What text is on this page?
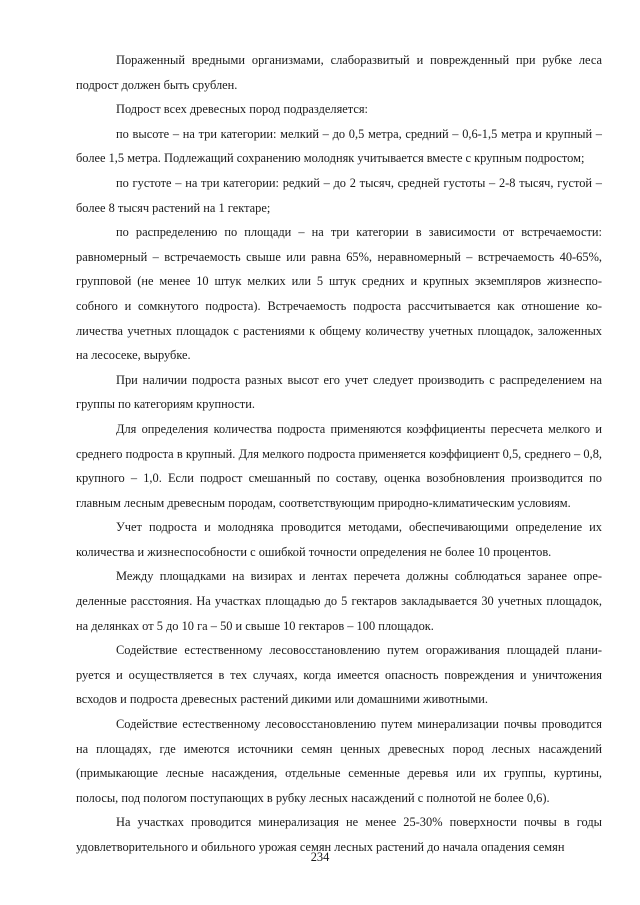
Пораженный вредными организмами, слаборазвитый и поврежденный при рубке леса подрост должен быть срублен.

Подрост всех древесных пород подразделяется:

по высоте – на три категории: мелкий – до 0,5 метра, средний – 0,6-1,5 метра и крупный – более 1,5 метра. Подлежащий сохранению молодняк учитывается вместе с крупным подростом;

по густоте – на три категории: редкий – до 2 тысяч, средней густоты – 2-8 тысяч, густой – более 8 тысяч растений на 1 гектаре;

по распределению по площади – на три категории в зависимости от встречаемости: равномерный – встречаемость свыше или равна 65%, неравномерный – встречаемость 40-65%, групповой (не менее 10 штук мелких или 5 штук средних и крупных экземпляров жизнеспособного и сомкнутого подроста). Встречаемость подроста рассчитывается как отношение количества учетных площадок с растениями к общему количеству учетных площадок, заложенных на лесосеке, вырубке.

При наличии подроста разных высот его учет следует производить с распределением на группы по категориям крупности.

Для определения количества подроста применяются коэффициенты пересчета мелкого и среднего подроста в крупный. Для мелкого подроста применяется коэффициент 0,5, среднего – 0,8, крупного – 1,0. Если подрост смешанный по составу, оценка возобновления производится по главным лесным древесным породам, соответствующим природно-климатическим условиям.

Учет подроста и молодняка проводится методами, обеспечивающими определение их количества и жизнеспособности с ошибкой точности определения не более 10 процентов.

Между площадками на визирах и лентах перечета должны соблюдаться заранее определенные расстояния. На участках площадью до 5 гектаров закладывается 30 учетных площадок, на делянках от 5 до 10 га – 50 и свыше 10 гектаров – 100 площадок.

Содействие естественному лесовосстановлению путем огораживания площадей планируется и осуществляется в тех случаях, когда имеется опасность повреждения и уничтожения всходов и подроста древесных растений дикими или домашними животными.

Содействие естественному лесовосстановлению путем минерализации почвы проводится на площадях, где имеются источники семян ценных древесных пород лесных насаждений (примыкающие лесные насаждения, отдельные семенные деревья или их группы, куртины, полосы, под пологом поступающих в рубку лесных насаждений с полнотой не более 0,6).

На участках проводится минерализация не менее 25-30% поверхности почвы в годы удовлетворительного и обильного урожая семян лесных растений до начала опадения семян

234
